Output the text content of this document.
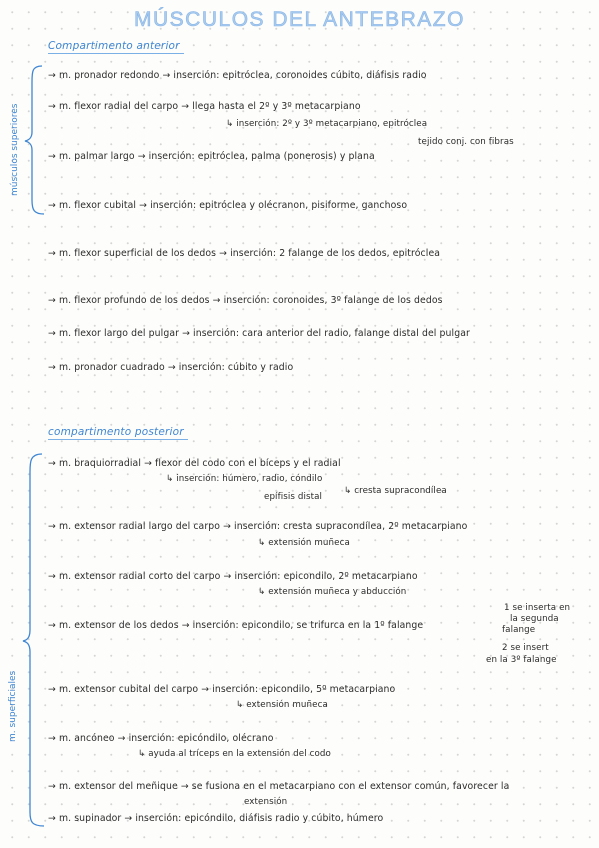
MÚSCULOS DEL ANTEBRAZO
Compartimento anterior
músculos superiores
→ m. pronador redondo → inserción: epitróclea, coronoides cúbito, diáfisis radio
→ m. flexor radial del carpo → llega hasta el 2º y 3º metacarpiano
↳ inserción: 2º y 3º metacarpiano, epitróclea
tejido conj. con fibras
→ m. palmar largo → inserción: epitróclea, palma (ponerosis) y plana
→ m. flexor cubital → inserción: epitróclea y olécranon, pisiforme, ganchoso
→ m. flexor superficial de los dedos → inserción: 2 falange de los dedos, epitróclea
→ m. flexor profundo de los dedos → inserción: coronoides, 3º falange de los dedos
→ m. flexor largo del pulgar → inserción: cara anterior del radio, falange distal del pulgar
→ m. pronador cuadrado → inserción: cúbito y radio
compartimento posterior
m. superficiales
→ m. braquiorradial → flexor del codo con el bíceps y el radial
↳ inserción: húmero, radio, cóndilo
epífisis distal
↳ cresta supracondílea
→ m. extensor radial largo del carpo → inserción: cresta supracondílea, 2º metacarpiano
↳ extensión muñeca
→ m. extensor radial corto del carpo → inserción: epicondilo, 2º metacarpiano
↳ extensión muñeca y abducción
→ m. extensor de los dedos → inserción: epicondilo, se trifurca en la 1º falange
1 se inserta en
la segunda
falange
2 se insert
en la 3º falange
→ m. extensor cubital del carpo → inserción: epicondilo, 5º metacarpiano
↳ extensión muñeca
→ m. ancóneo → inserción: epicóndilo, olécrano
↳ ayuda al tríceps en la extensión del codo
→ m. extensor del meñique → se fusiona en el metacarpiano con el extensor común, favorecer la
extensión
→ m. supinador → inserción: epicóndilo, diáfisis radio y cúbito, húmero
